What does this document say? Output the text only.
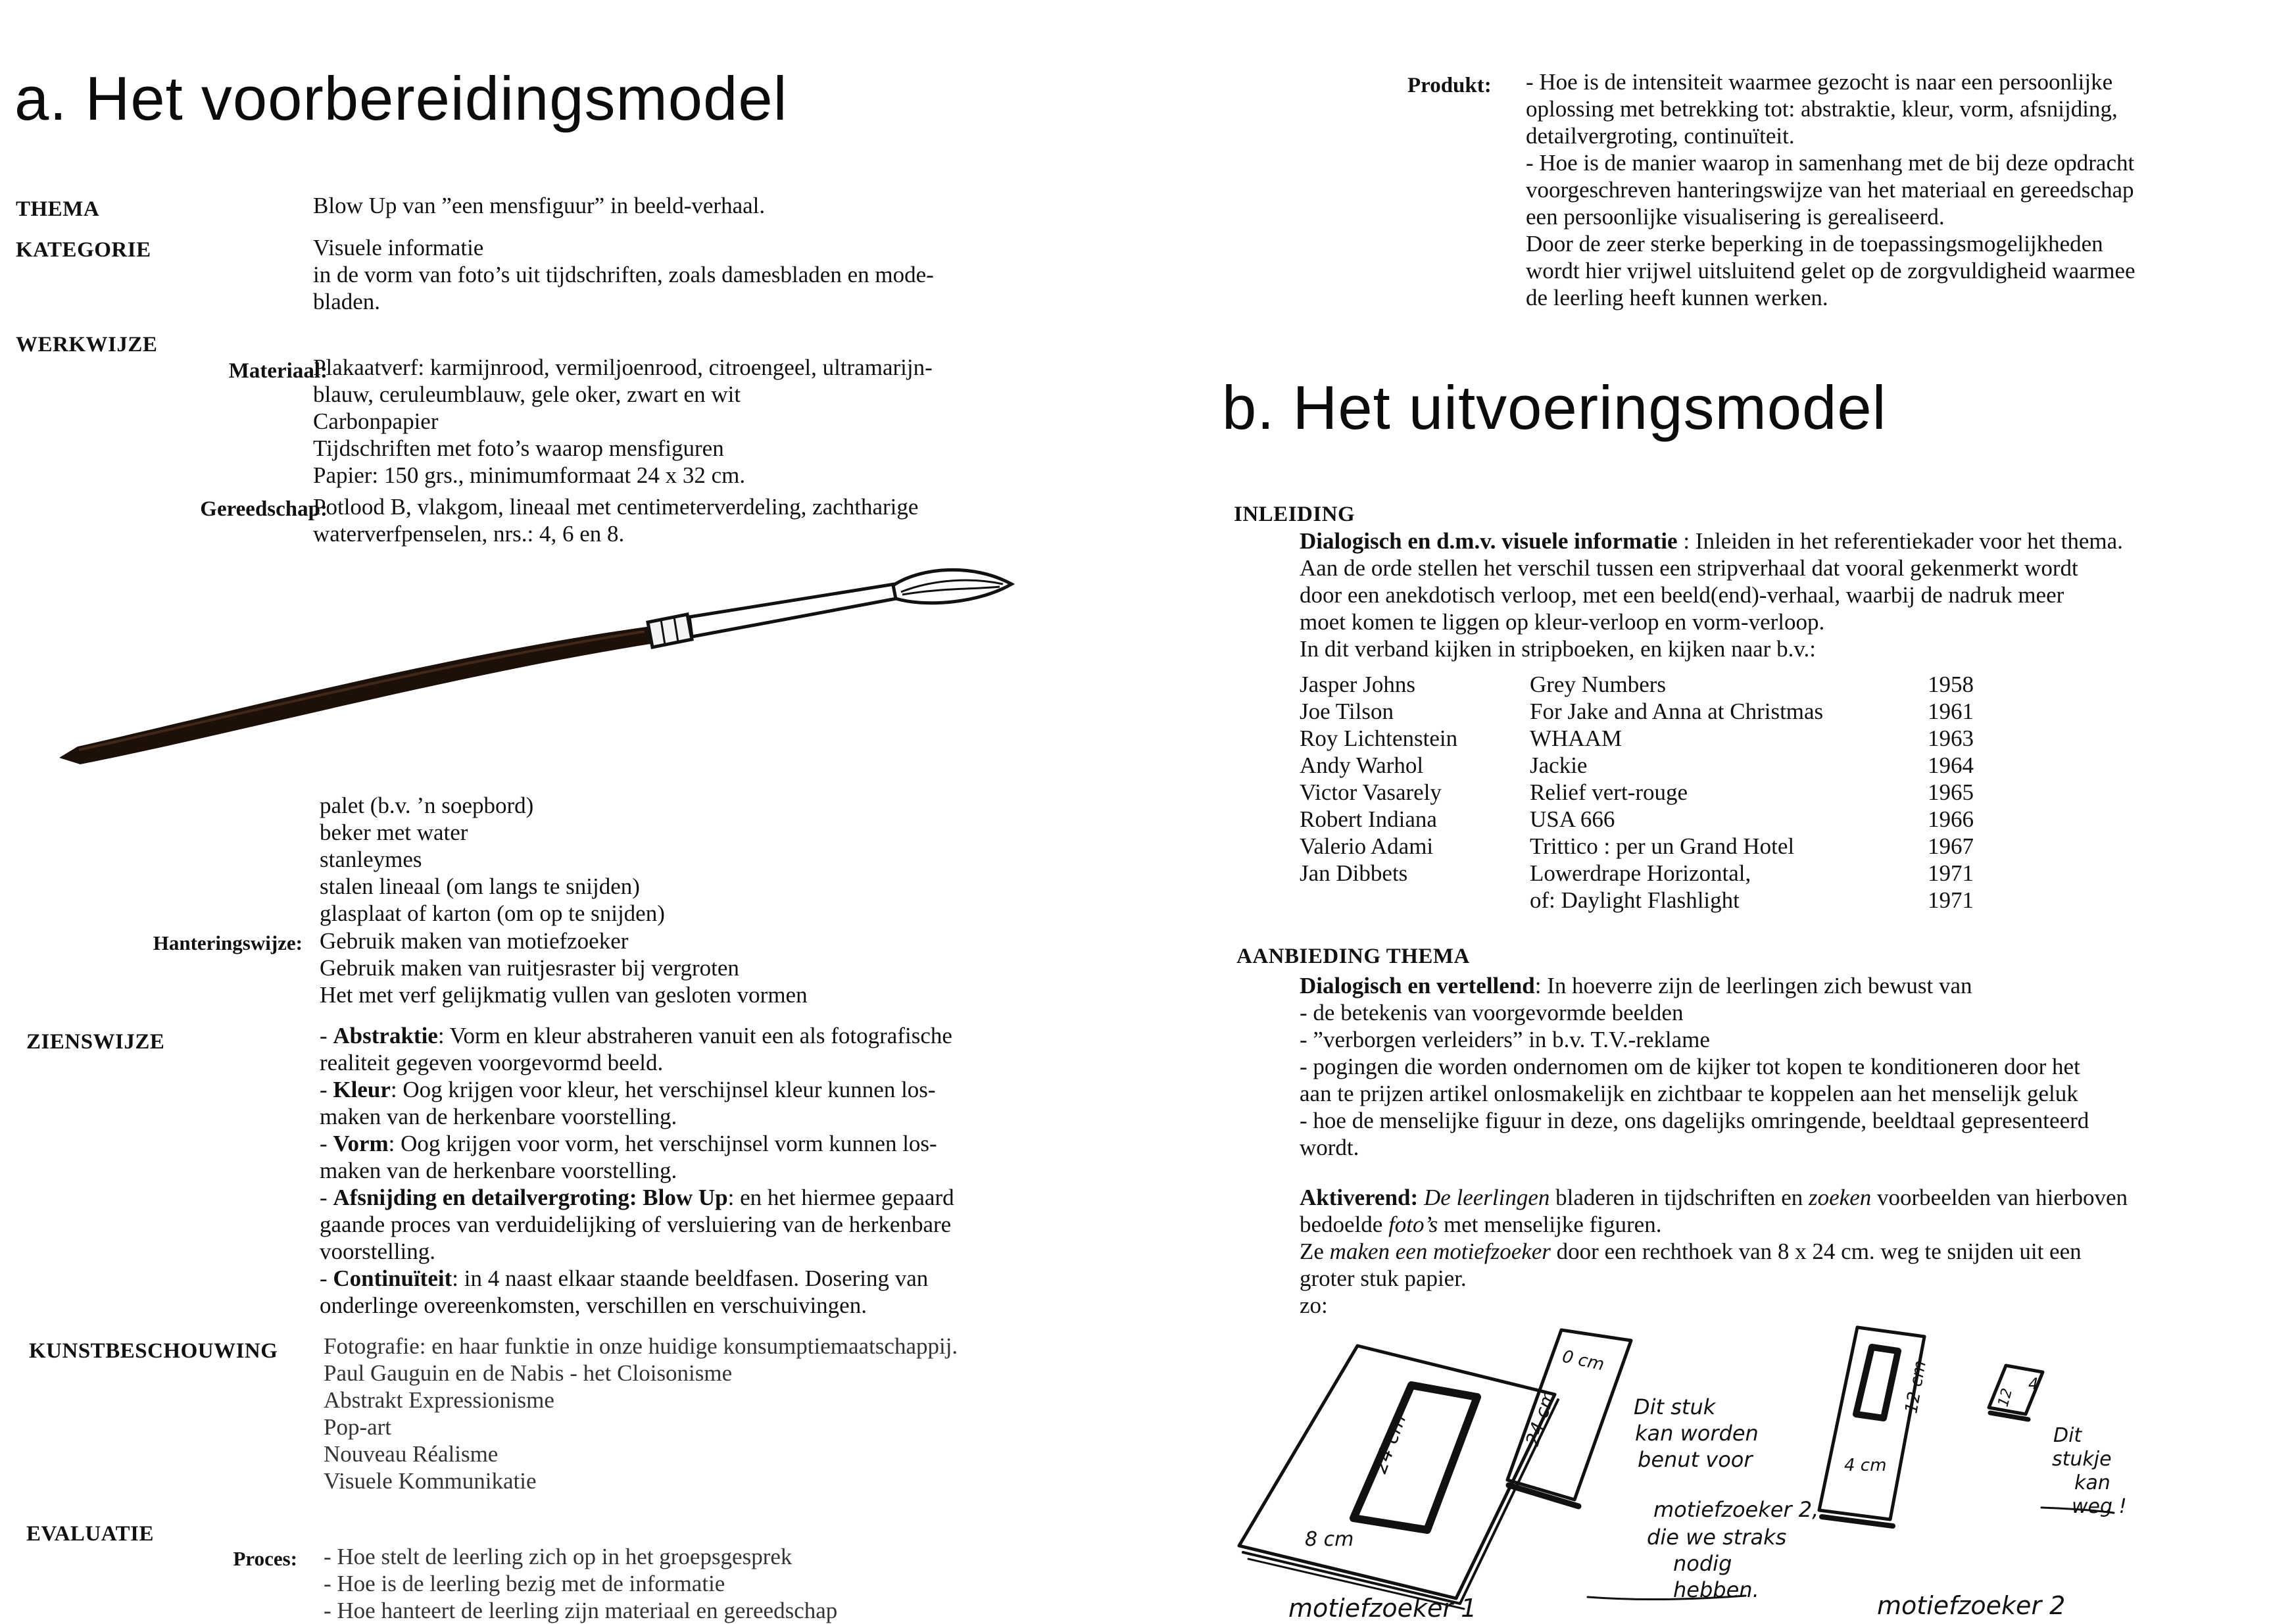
a. Het voorbereidingsmodel
THEMA	Blow Up van ”een mensfiguur” in beeld-verhaal.
KATEGORIE	Visuele informatie
in de vorm van foto’s uit tijdschriften, zoals damesbladen en mode-
bladen.
WERKWIJZE
Materiaal:
Plakaatverf: karmijnrood, vermiljoenrood, citroengeel, ultramarijn-
blauw, ceruleumblauw, gele oker, zwart en wit
Carbonpapier
Tijdschriften met foto’s waarop mensfiguren
Papier: 150 grs., minimumformaat 24 x 32 cm.
Gereedschap:
Potlood B, vlakgom, lineaal met centimeterverdeling, zachtharige
waterverfpenselen, nrs.: 4, 6 en 8.
palet (b.v. ’n soepbord)
beker met water
stanleymes
stalen lineaal (om langs te snijden)
glasplaat of karton (om op te snijden)
Hanteringswijze: Gebruik maken van motiefzoeker
Gebruik maken van ruitjesraster bij vergroten
Het met verf gelijkmatig vullen van gesloten vormen
ZIENSWIJZE	- Abstraktie: Vorm en kleur abstraheren vanuit een als fotografische
realiteit gegeven voorgevormd beeld.
- Kleur: Oog krijgen voor kleur, het verschijnsel kleur kunnen los-
maken van de herkenbare voorstelling.
- Vorm: Oog krijgen voor vorm, het verschijnsel vorm kunnen los-
maken van de herkenbare voorstelling.
- Afsnijding en detailvergroting: Blow Up: en het hiermee gepaard
gaande proces van verduidelijking of versluiering van de herkenbare
voorstelling.
- Continuïteit: in 4 naast elkaar staande beeldfasen. Dosering van
onderlinge overeenkomsten, verschillen en verschuivingen.
KUNSTBESCHOUWING Fotografie: en haar funktie in onze huidige konsumptiemaatschappij.
Paul Gauguin en de Nabis - het Cloisonisme
Abstrakt Expressionisme
Pop-art
Nouveau Réalisme
Visuele Kommunikatie
EVALUATIE
Proces: - Hoe stelt de leerling zich op in het groepsgesprek
- Hoe is de leerling bezig met de informatie
- Hoe hanteert de leerling zijn materiaal en gereedschap
Produkt: - Hoe is de intensiteit waarmee gezocht is naar een persoonlijke
oplossing met betrekking tot: abstraktie, kleur, vorm, afsnijding,
detailvergroting, continuïteit.
- Hoe is de manier waarop in samenhang met de bij deze opdracht
voorgeschreven hanteringswijze van het materiaal en gereedschap
een persoonlijke visualisering is gerealiseerd.
Door de zeer sterke beperking in de toepassingsmogelijkheden
wordt hier vrijwel uitsluitend gelet op de zorgvuldigheid waarmee
de leerling heeft kunnen werken.
b. Het uitvoeringsmodel
INLEIDING
Dialogisch en d.m.v. visuele informatie : Inleiden in het referentiekader voor het thema.
Aan de orde stellen het verschil tussen een stripverhaal dat vooral gekenmerkt wordt
door een anekdotisch verloop, met een beeld(end)-verhaal, waarbij de nadruk meer
moet komen te liggen op kleur-verloop en vorm-verloop.
In dit verband kijken in stripboeken, en kijken naar b.v.:
Jasper Johns	Grey Numbers	1958
Joe Tilson	For Jake and Anna at Christmas	1961
Roy Lichtenstein	WHAAM	1963
Andy Warhol	Jackie	1964
Victor Vasarely	Relief vert-rouge	1965
Robert Indiana	USA 666	1966
Valerio Adami	Trittico : per un Grand Hotel	1967
Jan Dibbets	Lowerdrape Horizontal,	1971
of: Daylight Flashlight	1971
AANBIEDING THEMA
Dialogisch en vertellend: In hoeverre zijn de leerlingen zich bewust van
- de betekenis van voorgevormde beelden
- ”verborgen verleiders” in b.v. T.V.-reklame
- pogingen die worden ondernomen om de kijker tot kopen te konditioneren door het
aan te prijzen artikel onlosmakelijk en zichtbaar te koppelen aan het menselijk geluk
- hoe de menselijke figuur in deze, ons dagelijks omringende, beeldtaal gepresenteerd
wordt.
Aktiverend: De leerlingen bladeren in tijdschriften en zoeken voorbeelden van hierboven
bedoelde foto’s met menselijke figuren.
Ze maken een motiefzoeker door een rechthoek van 8 x 24 cm. weg te snijden uit een
groter stuk papier.
zo:
24 cm
8 cm
motiefzoeker 1
0 cm
24 cm	Dit stuk kan worden benut voor motiefzoeker 2, die we straks nodig hebben.
12 cm
4 cm
motiefzoeker 2
4
12
Dit stukje kan weg !
